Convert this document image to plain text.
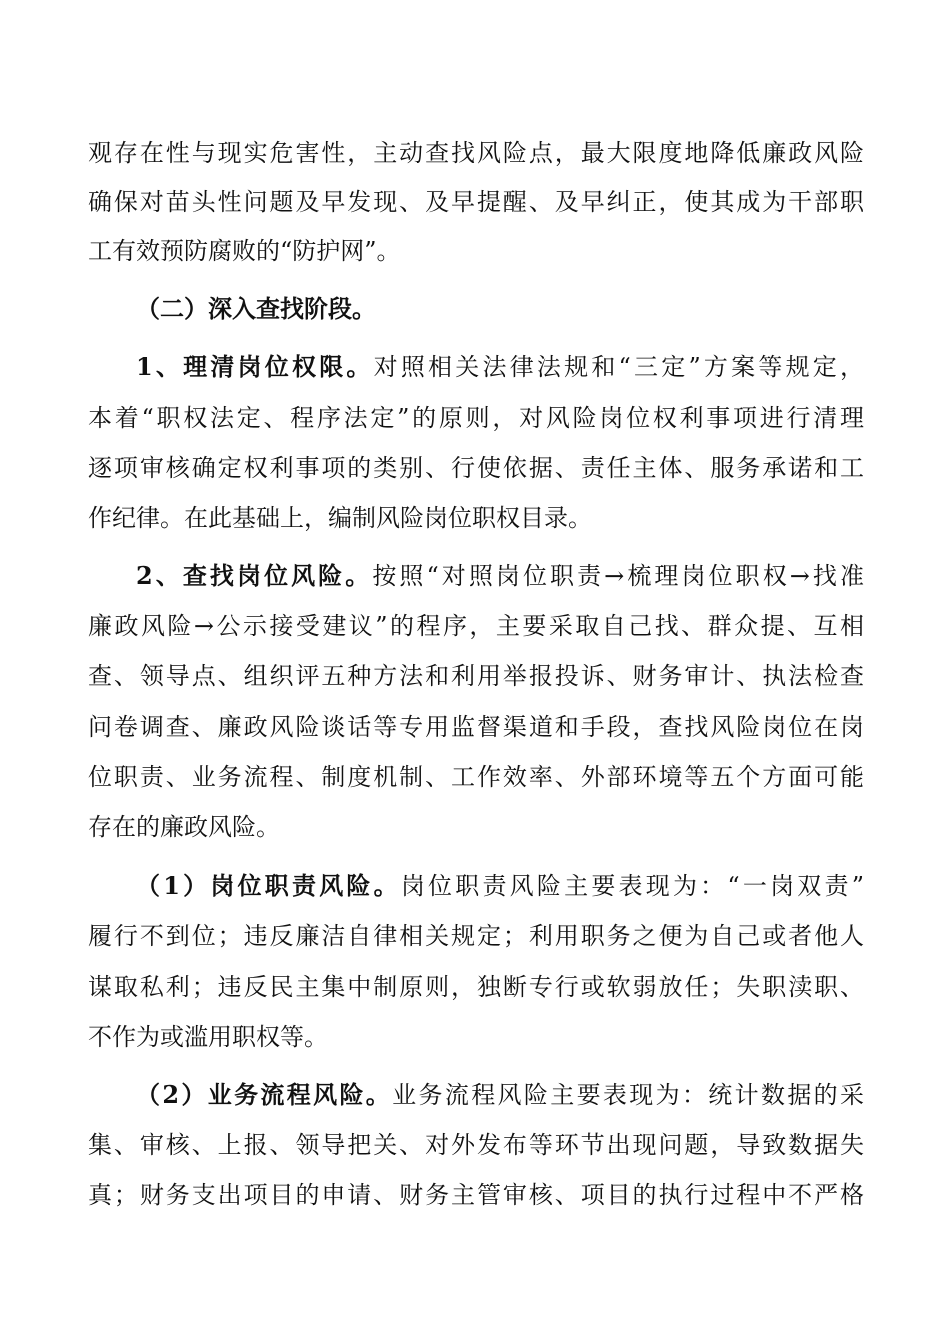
观存在性与现实危害性，主动查找风险点，最大限度地降低廉政风险
确保对苗头性问题及早发现、及早提醒、及早纠正，使其成为干部职
工有效预防腐败的“防护网”。
（二）深入查找阶段。
1、理清岗位权限。对照相关法律法规和“三定”方案等规定，
本着“职权法定、程序法定”的原则，对风险岗位权利事项进行清理
逐项审核确定权利事项的类别、行使依据、责任主体、服务承诺和工
作纪律。在此基础上，编制风险岗位职权目录。
2、查找岗位风险。按照“对照岗位职责→梳理岗位职权→找准
廉政风险→公示接受建议”的程序，主要采取自己找、群众提、互相
查、领导点、组织评五种方法和利用举报投诉、财务审计、执法检查
问卷调查、廉政风险谈话等专用监督渠道和手段，查找风险岗位在岗
位职责、业务流程、制度机制、工作效率、外部环境等五个方面可能
存在的廉政风险。
（1）岗位职责风险。岗位职责风险主要表现为：“一岗双责”
履行不到位；违反廉洁自律相关规定；利用职务之便为自己或者他人
谋取私利；违反民主集中制原则，独断专行或软弱放任；失职渎职、
不作为或滥用职权等。
（2）业务流程风险。业务流程风险主要表现为：统计数据的采
集、审核、上报、领导把关、对外发布等环节出现问题，导致数据失
真；财务支出项目的申请、财务主管审核、项目的执行过程中不严格
